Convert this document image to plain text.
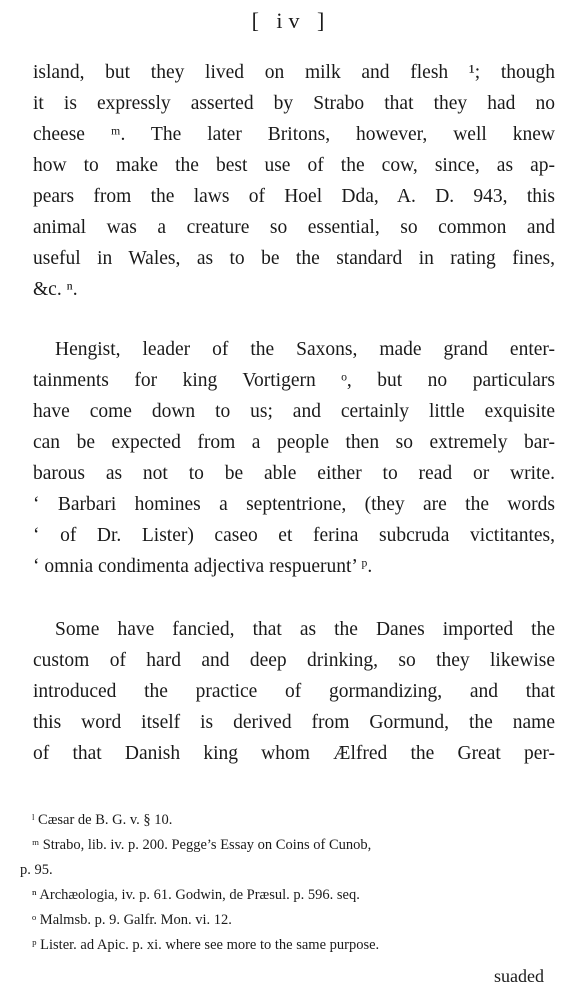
[ iv ]
island, but they lived on milk and flesh ¹; though
it is expressly asserted by Strabo that they had no
cheese ᵐ. The later Britons, however, well knew
how to make the best use of the cow, since, as ap-
pears from the laws of Hoel Dda, A. D. 943, this
animal was a creature so essential, so common and
useful in Wales, as to be the standard in rating fines,
&c. ⁿ.
Hengist, leader of the Saxons, made grand enter-
tainments for king Vortigern ᵒ, but no particulars
have come down to us; and certainly little exquisite
can be expected from a people then so extremely bar-
barous as not to be able either to read or write.
‘ Barbari homines a septentrione, (they are the words
‘ of Dr. Lister) caseo et ferina subcruda victitantes,
‘ omnia condimenta adjectiva respuerunt’ ᵖ.
Some have fancied, that as the Danes imported the
custom of hard and deep drinking, so they likewise
introduced the practice of gormandizing, and that
this word itself is derived from Gormund, the name
of that Danish king whom Ælfred the Great per-
ˡ Cæsar de B. G. v. § 10.
ᵐ Strabo, lib. iv. p. 200. Pegge’s Essay on Coins of Cunob,
p. 95.
ⁿ Archæologia, iv. p. 61. Godwin, de Præsul. p. 596. seq.
ᵒ Malmsb. p. 9. Galfr. Mon. vi. 12.
ᵖ Lister. ad Apic. p. xi. where see more to the same purpose.
suaded
